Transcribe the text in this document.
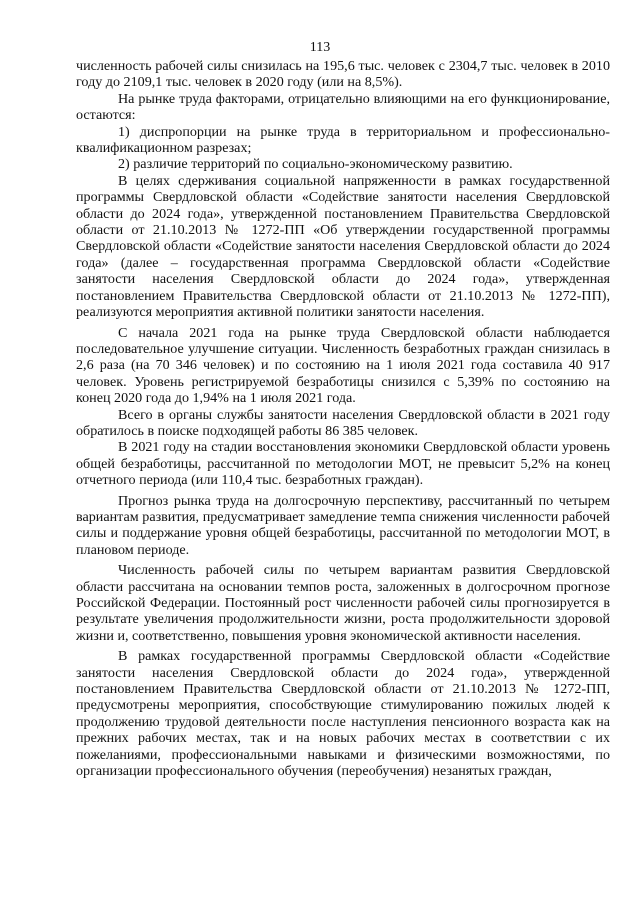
113

численность рабочей силы снизилась на 195,6 тыс. человек с 2304,7 тыс. человек в 2010 году до 2109,1 тыс. человек в 2020 году (или на 8,5%).

На рынке труда факторами, отрицательно влияющими на его функционирование, остаются:

1) диспропорции на рынке труда в территориальном и профессионально-квалификационном разрезах;

2) различие территорий по социально-экономическому развитию.

В целях сдерживания социальной напряженности в рамках государственной программы Свердловской области «Содействие занятости населения Свердловской области до 2024 года», утвержденной постановлением Правительства Свердловской области от 21.10.2013 № 1272-ПП «Об утверждении государственной программы Свердловской области «Содействие занятости населения Свердловской области до 2024 года» (далее – государственная программа Свердловской области «Содействие занятости населения Свердловской области до 2024 года», утвержденная постановлением Правительства Свердловской области от 21.10.2013 № 1272-ПП), реализуются мероприятия активной политики занятости населения.

С начала 2021 года на рынке труда Свердловской области наблюдается последовательное улучшение ситуации. Численность безработных граждан снизилась в 2,6 раза (на 70 346 человек) и по состоянию на 1 июля 2021 года составила 40 917 человек. Уровень регистрируемой безработицы снизился с 5,39% по состоянию на конец 2020 года до 1,94% на 1 июля 2021 года.

Всего в органы службы занятости населения Свердловской области в 2021 году обратилось в поиске подходящей работы 86 385 человек.

В 2021 году на стадии восстановления экономики Свердловской области уровень общей безработицы, рассчитанной по методологии МОТ, не превысит 5,2% на конец отчетного периода (или 110,4 тыс. безработных граждан).

Прогноз рынка труда на долгосрочную перспективу, рассчитанный по четырем вариантам развития, предусматривает замедление темпа снижения численности рабочей силы и поддержание уровня общей безработицы, рассчитанной по методологии МОТ, в плановом периоде.

Численность рабочей силы по четырем вариантам развития Свердловской области рассчитана на основании темпов роста, заложенных в долгосрочном прогнозе Российской Федерации. Постоянный рост численности рабочей силы прогнозируется в результате увеличения продолжительности жизни, роста продолжительности здоровой жизни и, соответственно, повышения уровня экономической активности населения.

В рамках государственной программы Свердловской области «Содействие занятости населения Свердловской области до 2024 года», утвержденной постановлением Правительства Свердловской области от 21.10.2013 № 1272-ПП, предусмотрены мероприятия, способствующие стимулированию пожилых людей к продолжению трудовой деятельности после наступления пенсионного возраста как на прежних рабочих местах, так и на новых рабочих местах в соответствии с их пожеланиями, профессиональными навыками и физическими возможностями, по организации профессионального обучения (переобучения) незанятых граждан,
